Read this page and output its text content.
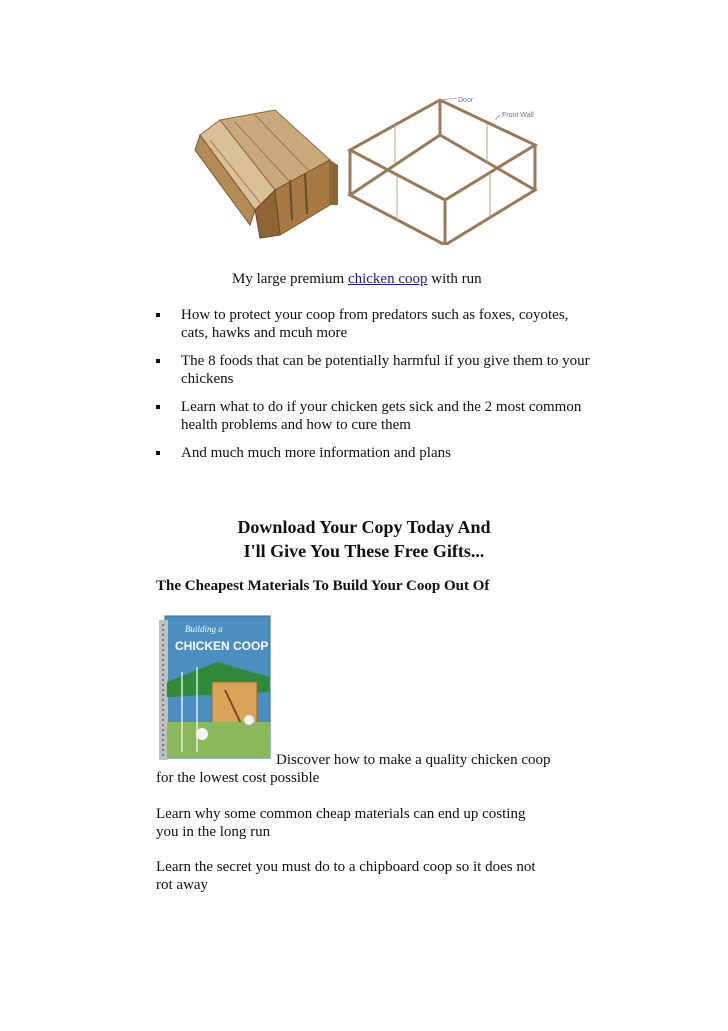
Door
Front Wall
My large premium chicken coop with run
How to protect your coop from predators such as foxes, coyotes, cats, hawks and mcuh more
The 8 foods that can be potentially harmful if you give them to your chickens
Learn what to do if your chicken gets sick and the 2 most common health problems and how to cure them
And much much more information and plans
Download Your Copy Today And
I'll Give You These Free Gifts...
The Cheapest Materials To Build Your Coop Out Of
Building a
CHICKEN COOP
Discover how to make a quality chicken coop
for the lowest cost possible
Learn why some common cheap materials can end up costing
you in the long run
Learn the secret you must do to a chipboard coop so it does not
rot away
